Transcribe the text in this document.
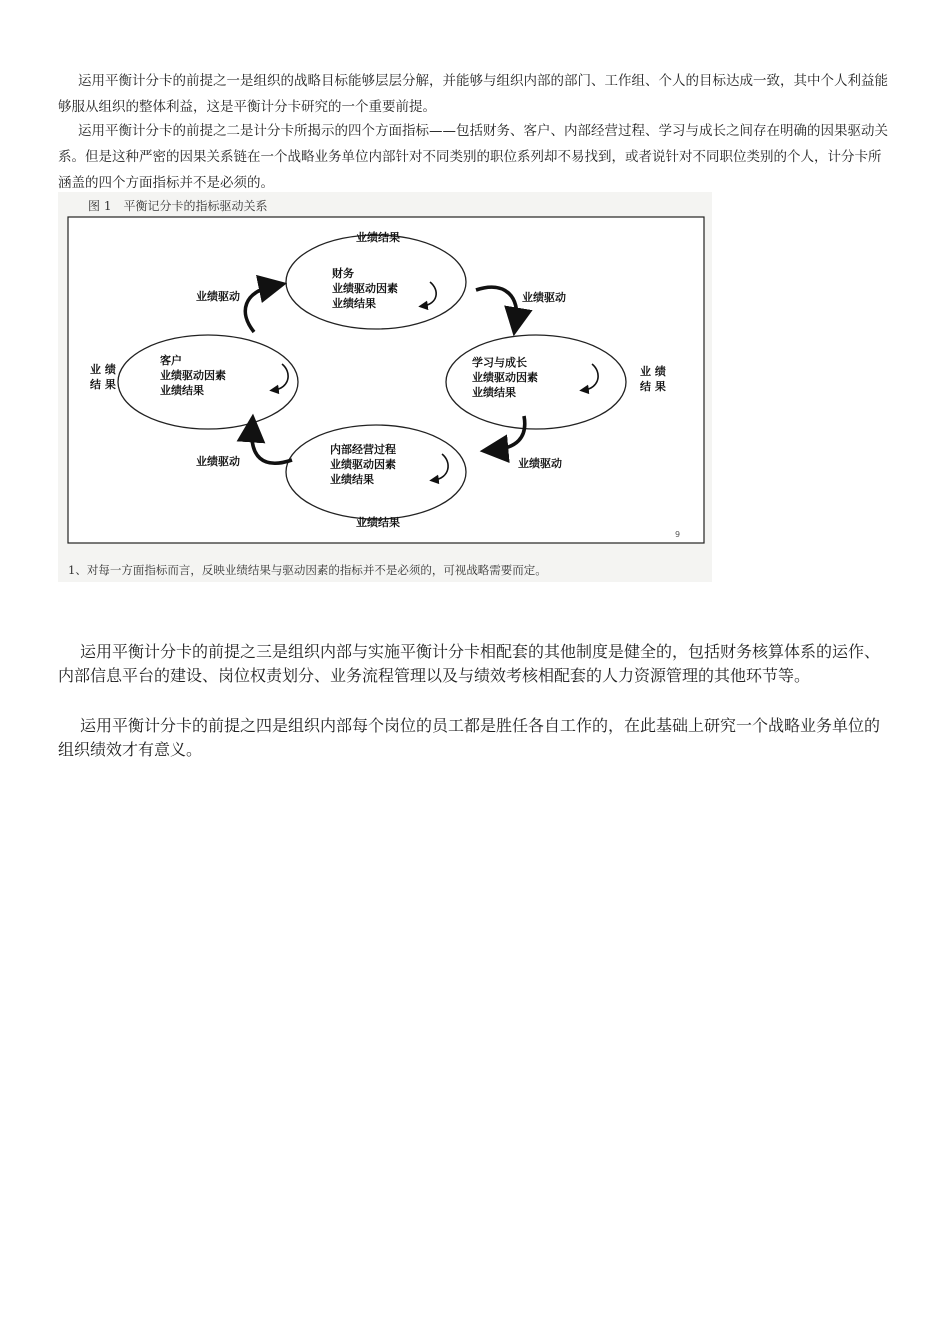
运用平衡计分卡的前提之一是组织的战略目标能够层层分解，并能够与组织内部的部门、工作组、个人的目标达成一致，其中个人利益能够服从组织的整体利益，这是平衡计分卡研究的一个重要前提。

运用平衡计分卡的前提之二是计分卡所揭示的四个方面指标——包括财务、客户、内部经营过程、学习与成长之间存在明确的因果驱动关系。但是这种严密的因果关系链在一个战略业务单位内部针对不同类别的职位系列却不易找到，或者说针对不同职位类别的个人，计分卡所涵盖的四个方面指标并不是必须的。

图 1　平衡记分卡的指标驱动关系
业绩结果
业绩结果
业 绩
结 果
业 绩
结 果
业绩驱动	业绩驱动
业绩驱动	业绩驱动
财务
业绩驱动因素
业绩结果
客户
业绩驱动因素
业绩结果
学习与成长
业绩驱动因素
业绩结果
内部经营过程
业绩驱动因素
业绩结果
9
1、对每一方面指标而言，反映业绩结果与驱动因素的指标并不是必须的，可视战略需要而定。

运用平衡计分卡的前提之三是组织内部与实施平衡计分卡相配套的其他制度是健全的，包括财务核算体系的运作、内部信息平台的建设、岗位权责划分、业务流程管理以及与绩效考核相配套的人力资源管理的其他环节等。

运用平衡计分卡的前提之四是组织内部每个岗位的员工都是胜任各自工作的，在此基础上研究一个战略业务单位的组织绩效才有意义。
